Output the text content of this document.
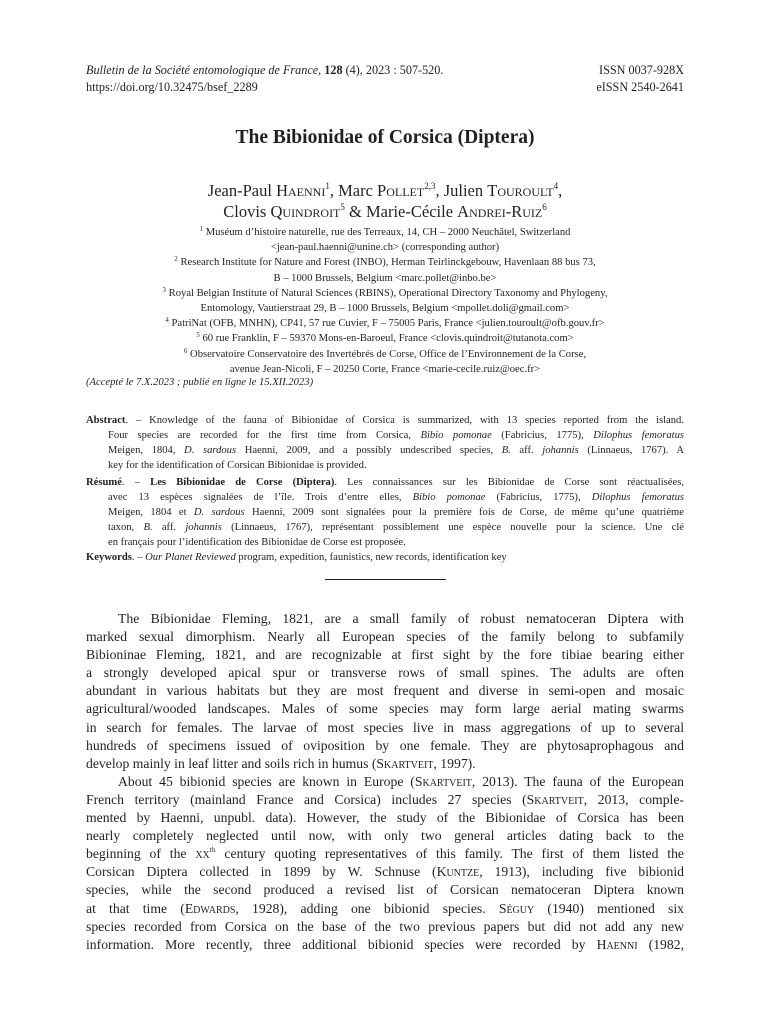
Bulletin de la Société entomologique de France, 128 (4), 2023 : 507-520.	ISSN 0037-928X
https://doi.org/10.32475/bsef_2289	eISSN 2540-2641
The Bibionidae of Corsica (Diptera)
Jean-Paul Haenni$^1$, Marc Pollet$^{2,3}$, Julien Touroult$^4$,
Clovis Quindroit$^5$ & Marie-Cécile Andrei-Ruiz$^6$
$^1$ Muséum d’histoire naturelle, rue des Terreaux, 14, CH – 2000 Neuchâtel, Switzerland
<jean-paul.haenni@unine.ch> (corresponding author)
$^2$ Research Institute for Nature and Forest (INBO), Herman Teirlinckgebouw, Havenlaan 88 bus 73,
B – 1000 Brussels, Belgium <marc.pollet@inbo.be>
$^3$ Royal Belgian Institute of Natural Sciences (RBINS), Operational Directory Taxonomy and Phylogeny,
Entomology, Vautierstraat 29, B – 1000 Brussels, Belgium <mpollet.doli@gmail.com>
$^4$ PatriNat (OFB, MNHN), CP41, 57 rue Cuvier, F – 75005 Paris, France <julien.touroult@ofb.gouv.fr>
$^5$ 60 rue Franklin, F – 59370 Mons-en-Baroeul, France <clovis.quindroit@tutanota.com>
$^6$ Observatoire Conservatoire des Invertébrés de Corse, Office de l’Environnement de la Corse,
avenue Jean-Nicoli, F – 20250 Corte, France <marie-cecile.ruiz@oec.fr>
(Accepté le 7.X.2023 ; publié en ligne le 15.XII.2023)
Abstract. – Knowledge of the fauna of Bibionidae of Corsica is summarized, with 13 species reported from the island.
Four species are recorded for the first time from Corsica, Bibio pomonae (Fabricius, 1775), Dilophus femoratus
Meigen, 1804, D. sardous Haenni, 2009, and a possibly undescribed species, B. aff. johannis (Linnaeus, 1767). A
key for the identification of Corsican Bibionidae is provided.
Résumé. – Les Bibionidae de Corse (Diptera). Les connaissances sur les Bibionidae de Corse sont réactualisées,
avec 13 espèces signalées de l’île. Trois d’entre elles, Bibio pomonae (Fabricius, 1775), Dilophus femoratus
Meigen, 1804 et D. sardous Haenni, 2009 sont signalées pour la première fois de Corse, de même qu’une quatrième
taxon, B. aff. johannis (Linnaeus, 1767), représentant possiblement une espèce nouvelle pour la science. Une clé
en français pour l’identification des Bibionidae de Corse est proposée.
Keywords. – Our Planet Reviewed program, expedition, faunistics, new records, identification key
The Bibionidae Fleming, 1821, are a small family of robust nematoceran Diptera with
marked sexual dimorphism. Nearly all European species of the family belong to subfamily
Bibioninae Fleming, 1821, and are recognizable at first sight by the fore tibiae bearing either
a strongly developed apical spur or transverse rows of small spines. The adults are often
abundant in various habitats but they are most frequent and diverse in semi-open and mosaic
agricultural/wooded landscapes. Males of some species may form large aerial mating swarms
in search for females. The larvae of most species live in mass aggregations of up to several
hundreds of specimens issued of oviposition by one female. They are phytosaprophagous and
develop mainly in leaf litter and soils rich in humus (Skartveit, 1997).
About 45 bibionid species are known in Europe (Skartveit, 2013). The fauna of the European
French territory (mainland France and Corsica) includes 27 species (Skartveit, 2013, comple-
mented by Haenni, unpubl. data). However, the study of the Bibionidae of Corsica has been
nearly completely neglected until now, with only two general articles dating back to the
beginning of the $xx^{th}$ century quoting representatives of this family. The first of them listed the
Corsican Diptera collected in 1899 by W. Schnuse (Kuntze, 1913), including five bibionid
species, while the second produced a revised list of Corsican nematoceran Diptera known
at that time (Edwards, 1928), adding one bibionid species. Séguy (1940) mentioned six
species recorded from Corsica on the base of the two previous papers but did not add any new
information. More recently, three additional bibionid species were recorded by Haenni (1982,
